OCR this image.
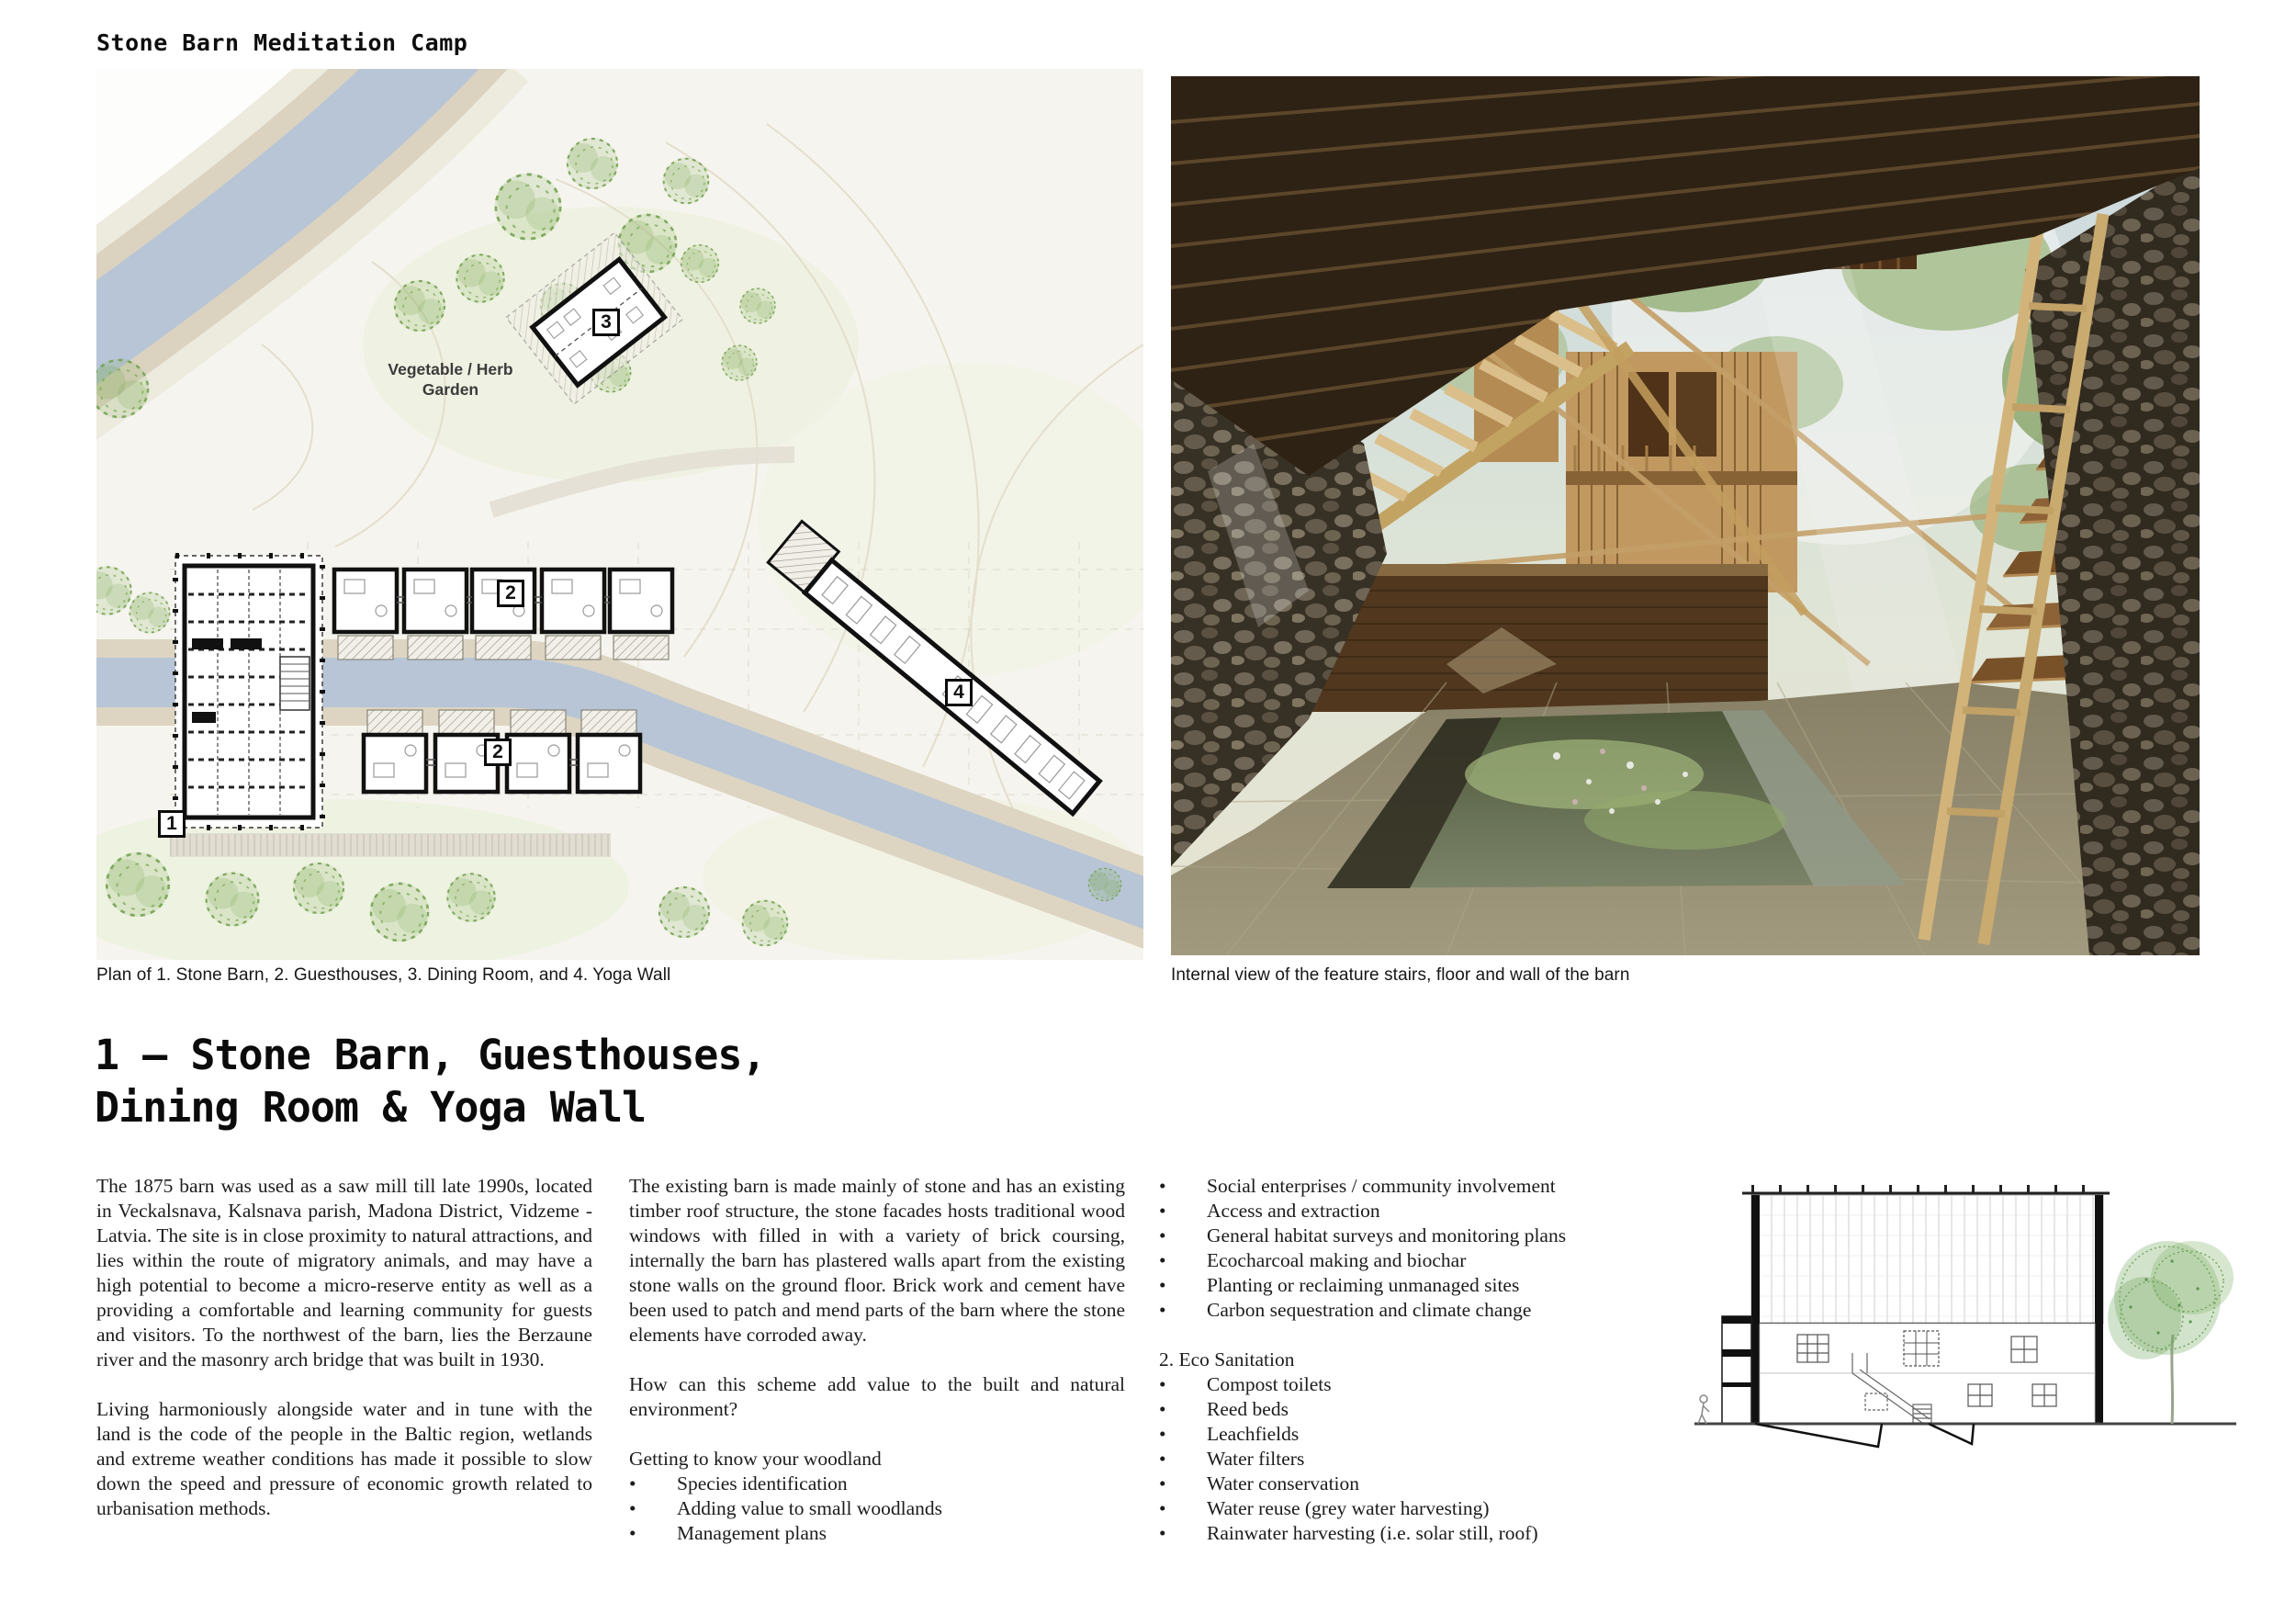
Stone Barn Meditation Camp
1
2
2
3
4
Vegetable / Herb
Garden
Plan of 1. Stone Barn, 2. Guesthouses, 3. Dining Room, and 4. Yoga Wall	Internal view of the feature stairs, floor and wall of the barn
1 – Stone Barn, Guesthouses,
Dining Room & Yoga Wall

The 1875 barn was used as a saw mill till late 1990s, located in Veckalsnava, Kalsnava parish, Madona District, Vidzeme - Latvia. The site is in close proximity to natural attractions, and lies within the route of migratory animals, and may have a high potential to become a micro-reserve entity as well as a providing a comfortable and learning community for guests and visitors. To the northwest of the barn, lies the Berzaune river and the masonry arch bridge that was built in 1930.

Living harmoniously alongside water and in tune with the land is the code of the people in the Baltic region, wetlands and extreme weather conditions has made it possible to slow down the speed and pressure of economic growth related to urbanisation methods.

The existing barn is made mainly of stone and has an existing timber roof structure, the stone facades hosts traditional wood windows with filled in with a variety of brick coursing, internally the barn has plastered walls apart from the existing stone walls on the ground floor. Brick work and cement have been used to patch and mend parts of the barn where the stone elements have corroded away.

How can this scheme add value to the built and natural environment?

Getting to know your woodland

•	Species identification
•	Adding value to small woodlands
•	Management plans
•	Social enterprises / community involvement
•	Access and extraction
•	General habitat surveys and monitoring plans
•	Ecocharcoal making and biochar
•	Planting or reclaiming unmanaged sites
•	Carbon sequestration and climate change
2. Eco Sanitation
•	Compost toilets
•	Reed beds
•	Leachfields
•	Water filters
•	Water conservation
•	Water reuse (grey water harvesting)
•	Rainwater harvesting (i.e. solar still, roof)
